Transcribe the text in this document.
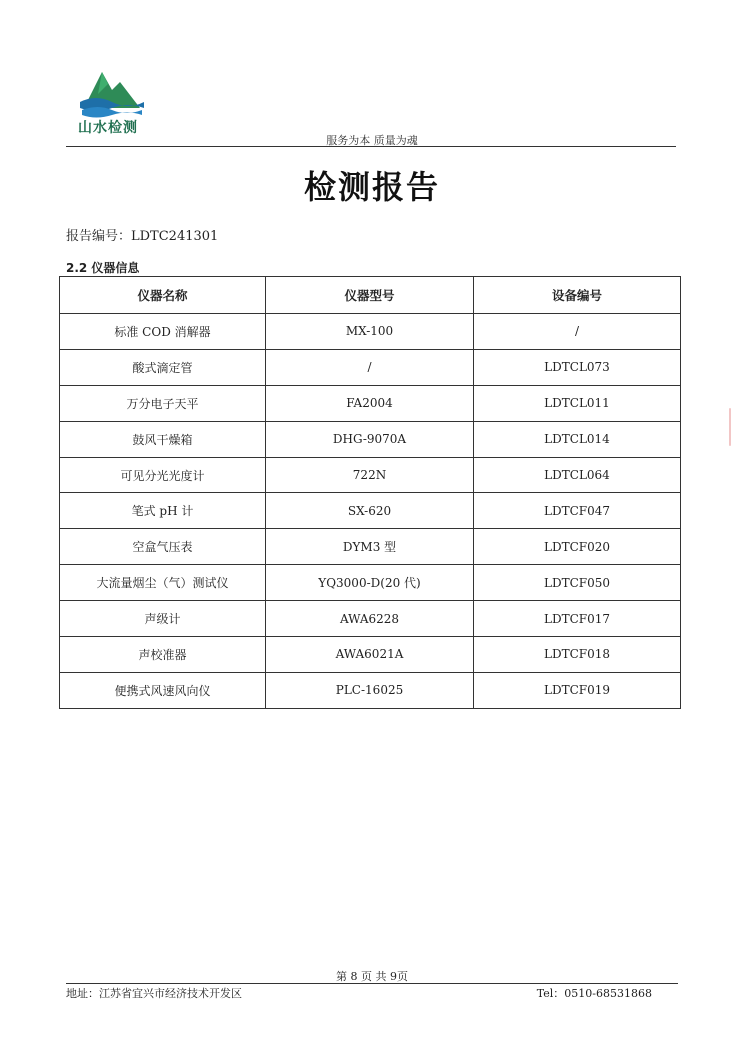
山水检测
服务为本 质量为魂
检测报告
报告编号：LDTC241301
2.2 仪器信息
仪器名称	仪器型号	设备编号
标准 COD 消解器	MX-100	/
酸式滴定管	/	LDTCL073
万分电子天平	FA2004	LDTCL011
鼓风干燥箱	DHG-9070A	LDTCL014
可见分光光度计	722N	LDTCL064
笔式 pH 计	SX-620	LDTCF047
空盒气压表	DYM3 型	LDTCF020
大流量烟尘（气）测试仪	YQ3000-D(20 代)	LDTCF050
声级计	AWA6228	LDTCF017
声校准器	AWA6021A	LDTCF018
便携式风速风向仪	PLC-16025	LDTCF019
第 8 页 共 9页
地址：江苏省宜兴市经济技术开发区	Tel：0510-68531868
